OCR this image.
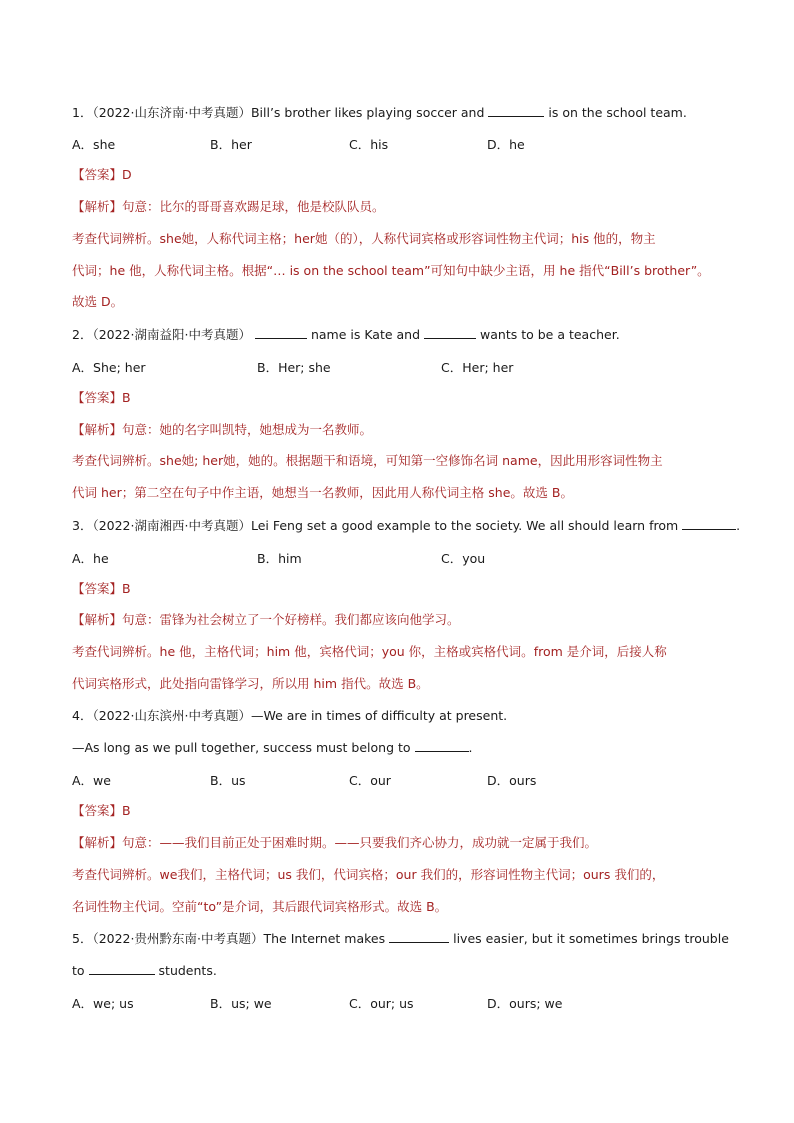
1．（2022·山东济南·中考真题）Bill’s brother likes playing soccer and	is on the school team.
A．she	B．her	C．his	D．he
【答案】D
【解析】句意：比尔的哥哥喜欢踢足球，他是校队队员。
考查代词辨析。she她，人称代词主格；her她（的），人称代词宾格或形容词性物主代词；his 他的，物主
代词；he 他，人称代词主格。根据“… is on the school team”可知句中缺少主语，用 he 指代“Bill’s brother”。
故选 D。
2．（2022·湖南益阳·中考真题）	name is Kate and	wants to be a teacher.
A．She; her	B．Her; she	C．Her; her
【答案】B
【解析】句意：她的名字叫凯特，她想成为一名教师。
考查代词辨析。she她; her她，她的。根据题干和语境，可知第一空修饰名词 name，因此用形容词性物主
代词 her；第二空在句子中作主语，她想当一名教师，因此用人称代词主格 she。故选 B。
3．（2022·湖南湘西·中考真题）Lei Feng set a good example to the society. We all should learn from	.
A．he	B．him	C．you
【答案】B
【解析】句意：雷锋为社会树立了一个好榜样。我们都应该向他学习。
考查代词辨析。he 他，主格代词；him 他，宾格代词；you 你，主格或宾格代词。from 是介词，后接人称
代词宾格形式，此处指向雷锋学习，所以用 him 指代。故选 B。
4．（2022·山东滨州·中考真题）—We are in times of difficulty at present.
—As long as we pull together, success must belong to	.
A．we	B．us	C．our	D．ours
【答案】B
【解析】句意：——我们目前正处于困难时期。——只要我们齐心协力，成功就一定属于我们。
考查代词辨析。we我们，主格代词；us 我们，代词宾格；our 我们的，形容词性物主代词；ours 我们的，
名词性物主代词。空前“to”是介词，其后跟代词宾格形式。故选 B。
5．（2022·贵州黔东南·中考真题）The Internet makes	lives easier, but it sometimes brings trouble
to	students.
A．we; us	B．us; we	C．our; us	D．ours; we
